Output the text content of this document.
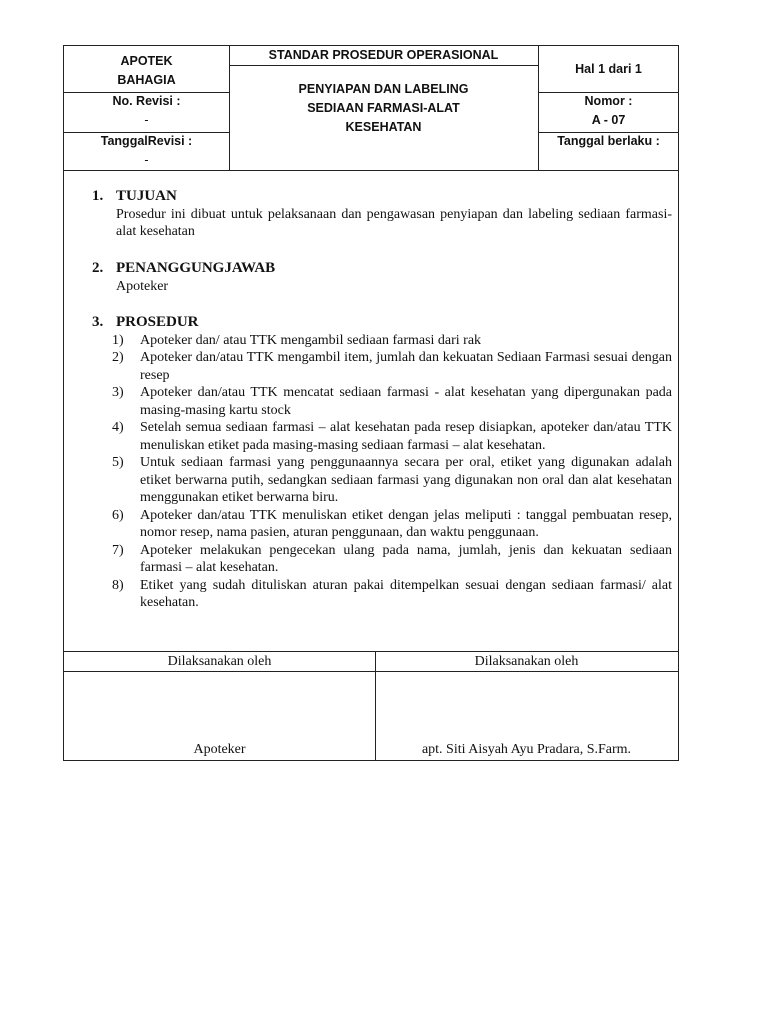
APOTEK
BAHAGIA
STANDAR PROSEDUR OPERASIONAL
PENYIAPAN DAN LABELING
SEDIAAN FARMASI-ALAT
KESEHATAN
Hal 1 dari 1
No. Revisi :
-
Nomor :
A - 07
TanggalRevisi :
-
Tanggal berlaku :
1. TUJUAN
Prosedur ini dibuat untuk pelaksanaan dan pengawasan penyiapan dan labeling sediaan farmasi-alat kesehatan
2. PENANGGUNGJAWAB
Apoteker
3. PROSEDUR
1) Apoteker dan/ atau TTK mengambil sediaan farmasi dari rak
2) Apoteker dan/atau TTK mengambil item, jumlah dan kekuatan Sediaan Farmasi sesuai dengan resep
3) Apoteker dan/atau TTK mencatat sediaan farmasi - alat kesehatan yang dipergunakan pada masing-masing kartu stock
4) Setelah semua sediaan farmasi – alat kesehatan pada resep disiapkan, apoteker dan/atau TTK menuliskan etiket pada masing-masing sediaan farmasi – alat kesehatan.
5) Untuk sediaan farmasi yang penggunaannya secara per oral, etiket yang digunakan adalah etiket berwarna putih, sedangkan sediaan farmasi yang digunakan non oral dan alat kesehatan menggunakan etiket berwarna biru.
6) Apoteker dan/atau TTK menuliskan etiket dengan jelas meliputi : tanggal pembuatan resep, nomor resep, nama pasien, aturan penggunaan, dan waktu penggunaan.
7) Apoteker melakukan pengecekan ulang pada nama, jumlah, jenis dan kekuatan sediaan farmasi – alat kesehatan.
8) Etiket yang sudah dituliskan aturan pakai ditempelkan sesuai dengan sediaan farmasi/ alat kesehatan.
Dilaksanakan oleh
Apoteker
Dilaksanakan oleh
apt. Siti Aisyah Ayu Pradara, S.Farm.
